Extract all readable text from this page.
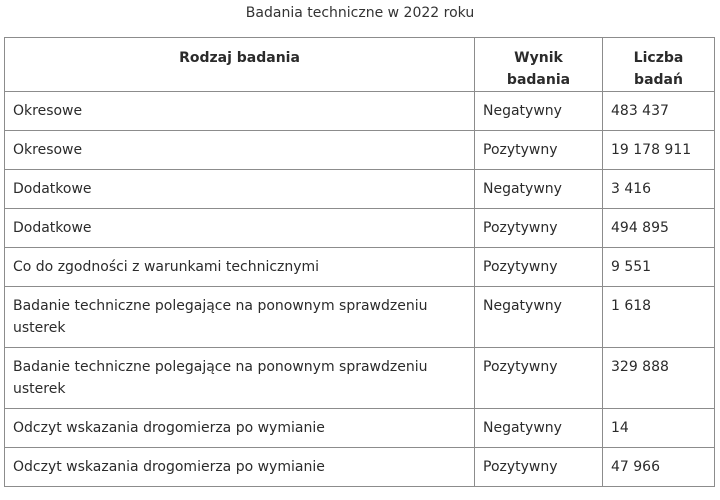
Badania techniczne w 2022 roku
Rodzaj badania	Wynik badania	Liczba badań
Okresowe	Negatywny	483 437
Okresowe	Pozytywny	19 178 911
Dodatkowe	Negatywny	3 416
Dodatkowe	Pozytywny	494 895
Co do zgodności z warunkami technicznymi	Pozytywny	9 551
Badanie techniczne polegające na ponownym sprawdzeniu usterek	Negatywny	1 618
Badanie techniczne polegające na ponownym sprawdzeniu usterek	Pozytywny	329 888
Odczyt wskazania drogomierza po wymianie	Negatywny	14
Odczyt wskazania drogomierza po wymianie	Pozytywny	47 966
